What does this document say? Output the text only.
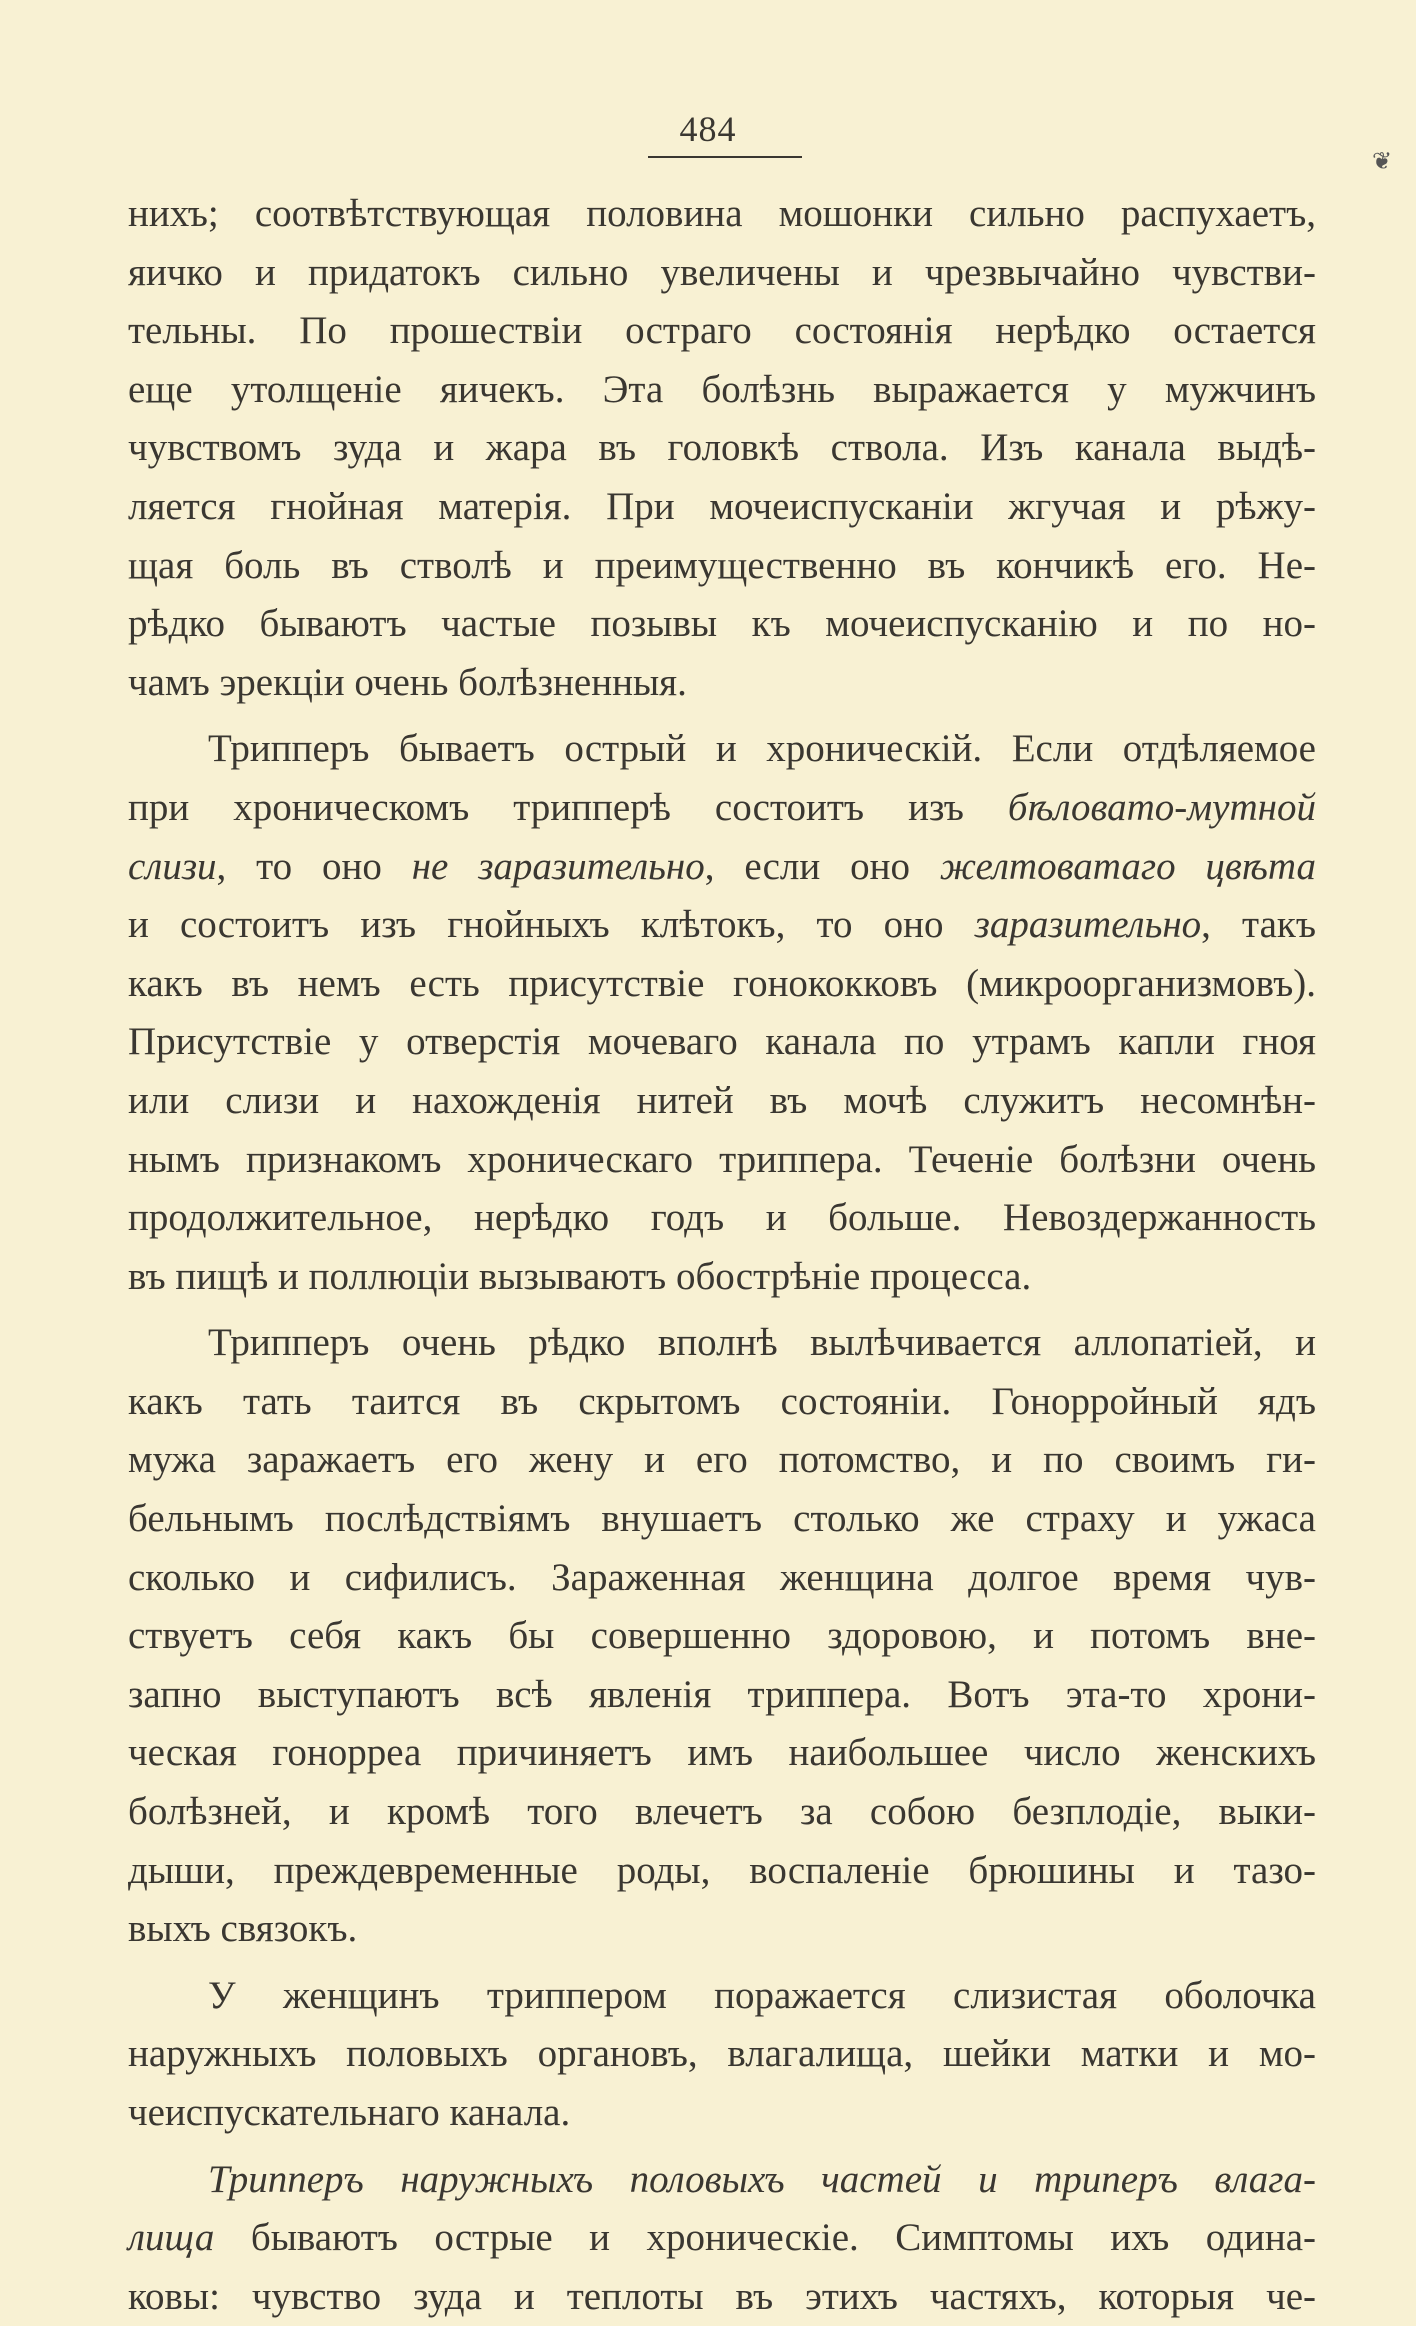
484
❦
нихъ; соотвѣтствующая половина мошонки сильно распухаетъ,
яичко и придатокъ сильно увеличены и чрезвычайно чувстви-
тельны. По прошествіи остраго состоянія нерѣдко остается
еще утолщеніе яичекъ. Эта болѣзнь выражается у мужчинъ
чувствомъ зуда и жара въ головкѣ ствола. Изъ канала выдѣ-
ляется гнойная матерія. При мочеиспусканіи жгучая и рѣжу-
щая боль въ стволѣ и преимущественно въ кончикѣ его. Не-
рѣдко бываютъ частые позывы къ мочеиспусканію и по но-
чамъ эрекціи очень болѣзненныя.
Трипперъ бываетъ острый и хроническій. Если отдѣляемое
при хроническомъ трипперѣ состоитъ изъ бѣловато-мутной
слизи, то оно не заразительно, если оно желтоватаго цвѣта
и состоитъ изъ гнойныхъ клѣтокъ, то оно заразительно, такъ
какъ въ немъ есть присутствіе гонококковъ (микроорганизмовъ).
Присутствіе у отверстія мочеваго канала по утрамъ капли гноя
или слизи и нахожденія нитей въ мочѣ служитъ несомнѣн-
нымъ признакомъ хроническаго триппера. Теченіе болѣзни очень
продолжительное, нерѣдко годъ и больше. Невоздержанность
въ пищѣ и поллюціи вызываютъ обострѣніе процесса.
Трипперъ очень рѣдко вполнѣ вылѣчивается аллопатіей, и
какъ тать таится въ скрытомъ состояніи. Гонорройный ядъ
мужа заражаетъ его жену и его потомство, и по своимъ ги-
бельнымъ послѣдствіямъ внушаетъ столько же страху и ужаса
сколько и сифилисъ. Зараженная женщина долгое время чув-
ствуетъ себя какъ бы совершенно здоровою, и потомъ вне-
запно выступаютъ всѣ явленія триппера. Вотъ эта-то хрони-
ческая гонорреа причиняетъ имъ наибольшее число женскихъ
болѣзней, и кромѣ того влечетъ за собою безплодіе, выки-
дыши, преждевременные роды, воспаленіе брюшины и тазо-
выхъ связокъ.
У женщинъ триппером поражается слизистая оболочка
наружныхъ половыхъ органовъ, влагалища, шейки матки и мо-
чеиспускательнаго канала.
Трипперъ наружныхъ половыхъ частей и триперъ влага-
лища бываютъ острые и хроническіе. Симптомы ихъ одина-
ковы: чувство зуда и теплоты въ этихъ частяхъ, которыя че-
